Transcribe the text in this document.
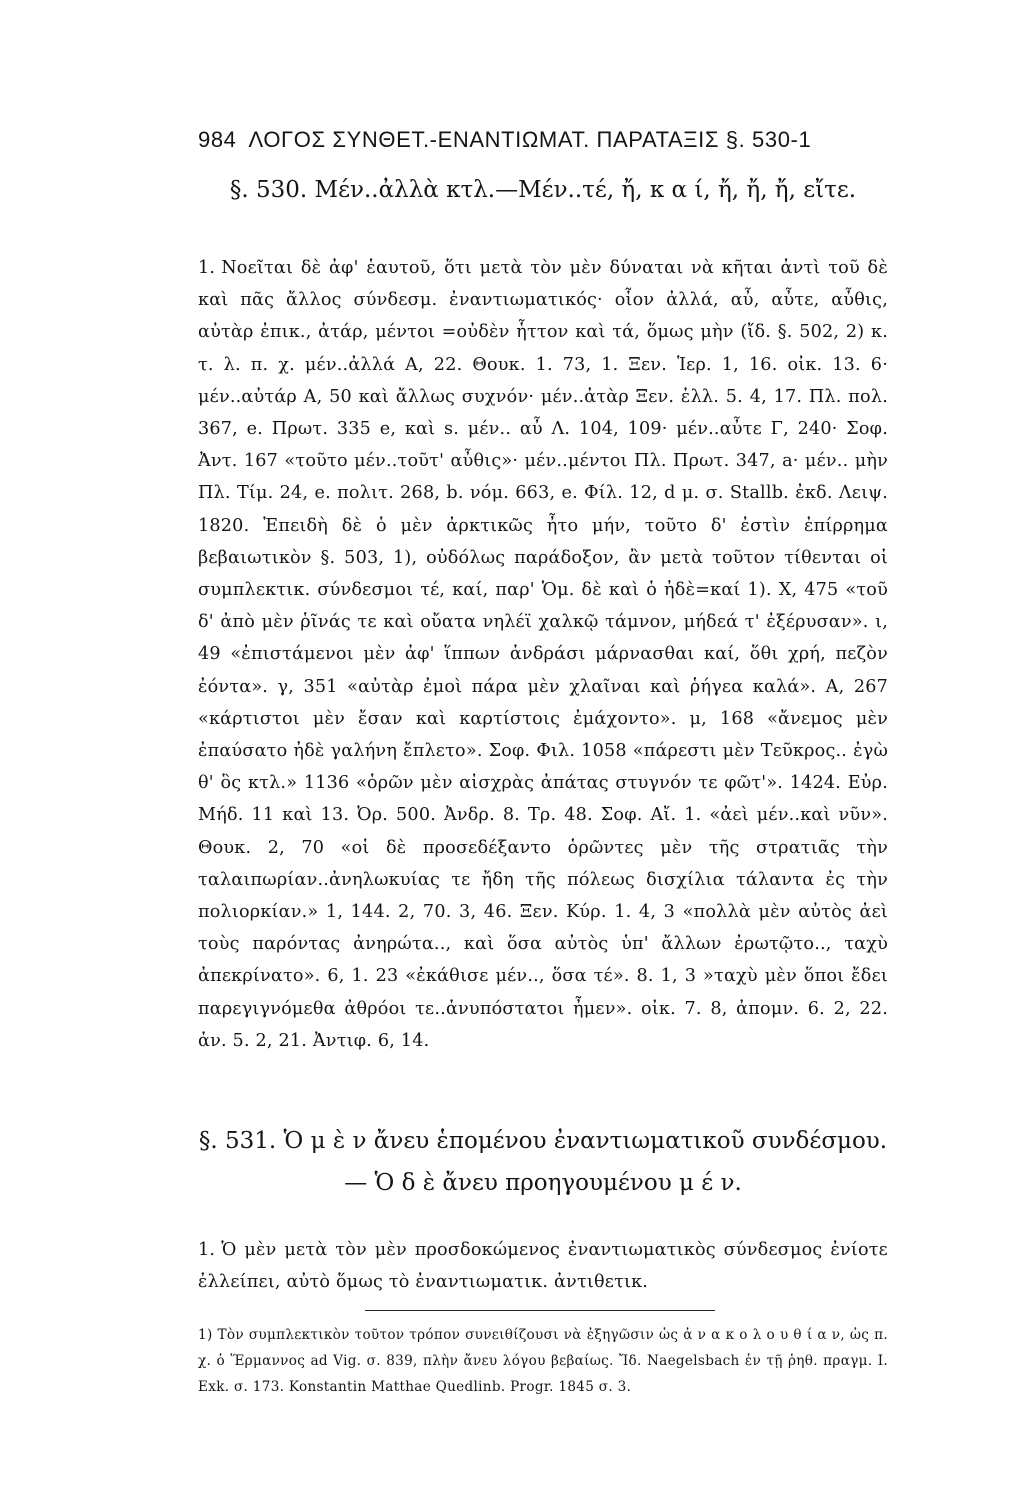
984 ΛΟΓΟΣ ΣΥΝΘΕΤ.-ΕΝΑΝΤΙΩΜΑΤ. ΠΑΡΑΤΑΞΙΣ §. 530-1
§. 530. Μέν..ἀλλὰ κτλ.—Μέν..τέ, ἤ, κ α ί, ἤ, ἤ, ἤ, εἴτε.

1. Νοεῖται δὲ ἀφ' ἑαυτοῦ, ὅτι μετὰ τὸν μὲν δύναται νὰ κῆται ἀντὶ τοῦ δὲ καὶ πᾶς ἄλλος σύνδεσμ. ἐναντιωματικός· οἷον ἀλλά, αὖ, αὖτε, αὖθις, αὐτὰρ ἐπικ., ἀτάρ, μέντοι =οὐδὲν ἧττον καὶ τά, ὅμως μὴν (ἴδ. §. 502, 2) κ. τ. λ. π. χ. μέν..ἀλλά Α, 22. Θουκ. 1. 73, 1. Ξεν. Ἱερ. 1, 16. οἰκ. 13. 6· μέν..αὐτάρ Α, 50 καὶ ἄλλως συχνόν· μέν..ἀτὰρ Ξεν. ἑλλ. 5. 4, 17. Πλ. πολ. 367, e. Πρωτ. 335 e, καὶ s. μέν.. αὖ Λ. 104, 109· μέν..αὖτε Γ, 240· Σοφ. Ἀντ. 167 «τοῦτο μέν..τοῦτ' αὖθις»· μέν..μέντοι Πλ. Πρωτ. 347, a· μέν.. μὴν Πλ. Τίμ. 24, e. πολιτ. 268, b. νόμ. 663, e. Φίλ. 12, d μ. σ. Stallb. ἐκδ. Λειψ. 1820. Ἐπειδὴ δὲ ὁ μὲν ἀρκτικῶς ἦτο μήν, τοῦτο δ' ἐστὶν ἐπίρρημα βεβαιωτικὸν §. 503, 1), οὐδόλως παράδοξον, ἂν μετὰ τοῦτον τίθενται οἱ συμπλεκτικ. σύνδεσμοι τέ, καί, παρ' Ὁμ. δὲ καὶ ὁ ἠδὲ=καί 1). Χ, 475 «τοῦ δ' ἀπὸ μὲν ῥῖνάς τε καὶ οὔατα νηλέϊ χαλκῷ τάμνον, μήδεά τ' ἐξέρυσαν». ι, 49 «ἐπιστάμενοι μὲν ἀφ' ἵππων ἀνδράσι μάρνασθαι καί, ὅθι χρή, πεζὸν ἐόντα». γ, 351 «αὐτὰρ ἐμοὶ πάρα μὲν χλαῖναι καὶ ῥήγεα καλά». Α, 267 «κάρτιστοι μὲν ἔσαν καὶ καρτίστοις ἐμάχοντο». μ, 168 «ἄνεμος μὲν ἐπαύσατο ἠδὲ γαλήνη ἔπλετο». Σοφ. Φιλ. 1058 «πάρεστι μὲν Τεῦκρος.. ἐγὼ θ' ὃς κτλ.» 1136 «ὁρῶν μὲν αἰσχρὰς ἀπάτας στυγνόν τε φῶτ'». 1424. Εὐρ. Μήδ. 11 καὶ 13. Ὀρ. 500. Ἀνδρ. 8. Τρ. 48. Σοφ. Αἴ. 1. «ἀεὶ μέν..καὶ νῦν». Θουκ. 2, 70 «οἱ δὲ προσεδέξαντο ὁρῶντες μὲν τῆς στρατιᾶς τὴν ταλαιπωρίαν..ἀνηλωκυίας τε ἤδη τῆς πόλεως δισχίλια τάλαντα ἐς τὴν πολιορκίαν.» 1, 144. 2, 70. 3, 46. Ξεν. Κύρ. 1. 4, 3 «πολλὰ μὲν αὐτὸς ἀεὶ τοὺς παρόντας ἀνηρώτα.., καὶ ὅσα αὐτὸς ὑπ' ἄλλων ἐρωτῷτο.., ταχὺ ἀπεκρίνατο». 6, 1. 23 «ἐκάθισε μέν.., ὅσα τέ». 8. 1, 3 »ταχὺ μὲν ὅποι ἔδει παρεγιγνόμεθα ἀθρόοι τε..ἀνυπόστατοι ἦμεν». οἰκ. 7. 8, ἀπομν. 6. 2, 22. ἀν. 5. 2, 21. Ἀντιφ. 6, 14.

§. 531. Ὁ μ ὲ ν ἄνευ ἑπομένου ἐναντιωματικοῦ συνδέσμου. — Ὁ δ ὲ ἄνευ προηγουμένου μ έ ν.

1. Ὁ μὲν μετὰ τὸν μὲν προσδοκώμενος ἐναντιωματικὸς σύνδεσμος ἐνίοτε ἐλλείπει, αὐτὸ ὅμως τὸ ἐναντιωματικ. ἀντιθετικ.

1) Τὸν συμπλεκτικὸν τοῦτον τρόπον συνειθίζουσι νὰ ἐξηγῶσιν ὡς ἀ ν α κ ο λ ο υ θ ί α ν, ὡς π. χ. ὁ Ἕρμαννος ad Vig. σ. 839, πλὴν ἄνευ λόγου βεβαίως. Ἴδ. Naegelsbach ἐν τῇ ῥηθ. πραγμ. I. Exk. σ. 173. Konstantin Matthae Quedlinb. Progr. 1845 σ. 3.
